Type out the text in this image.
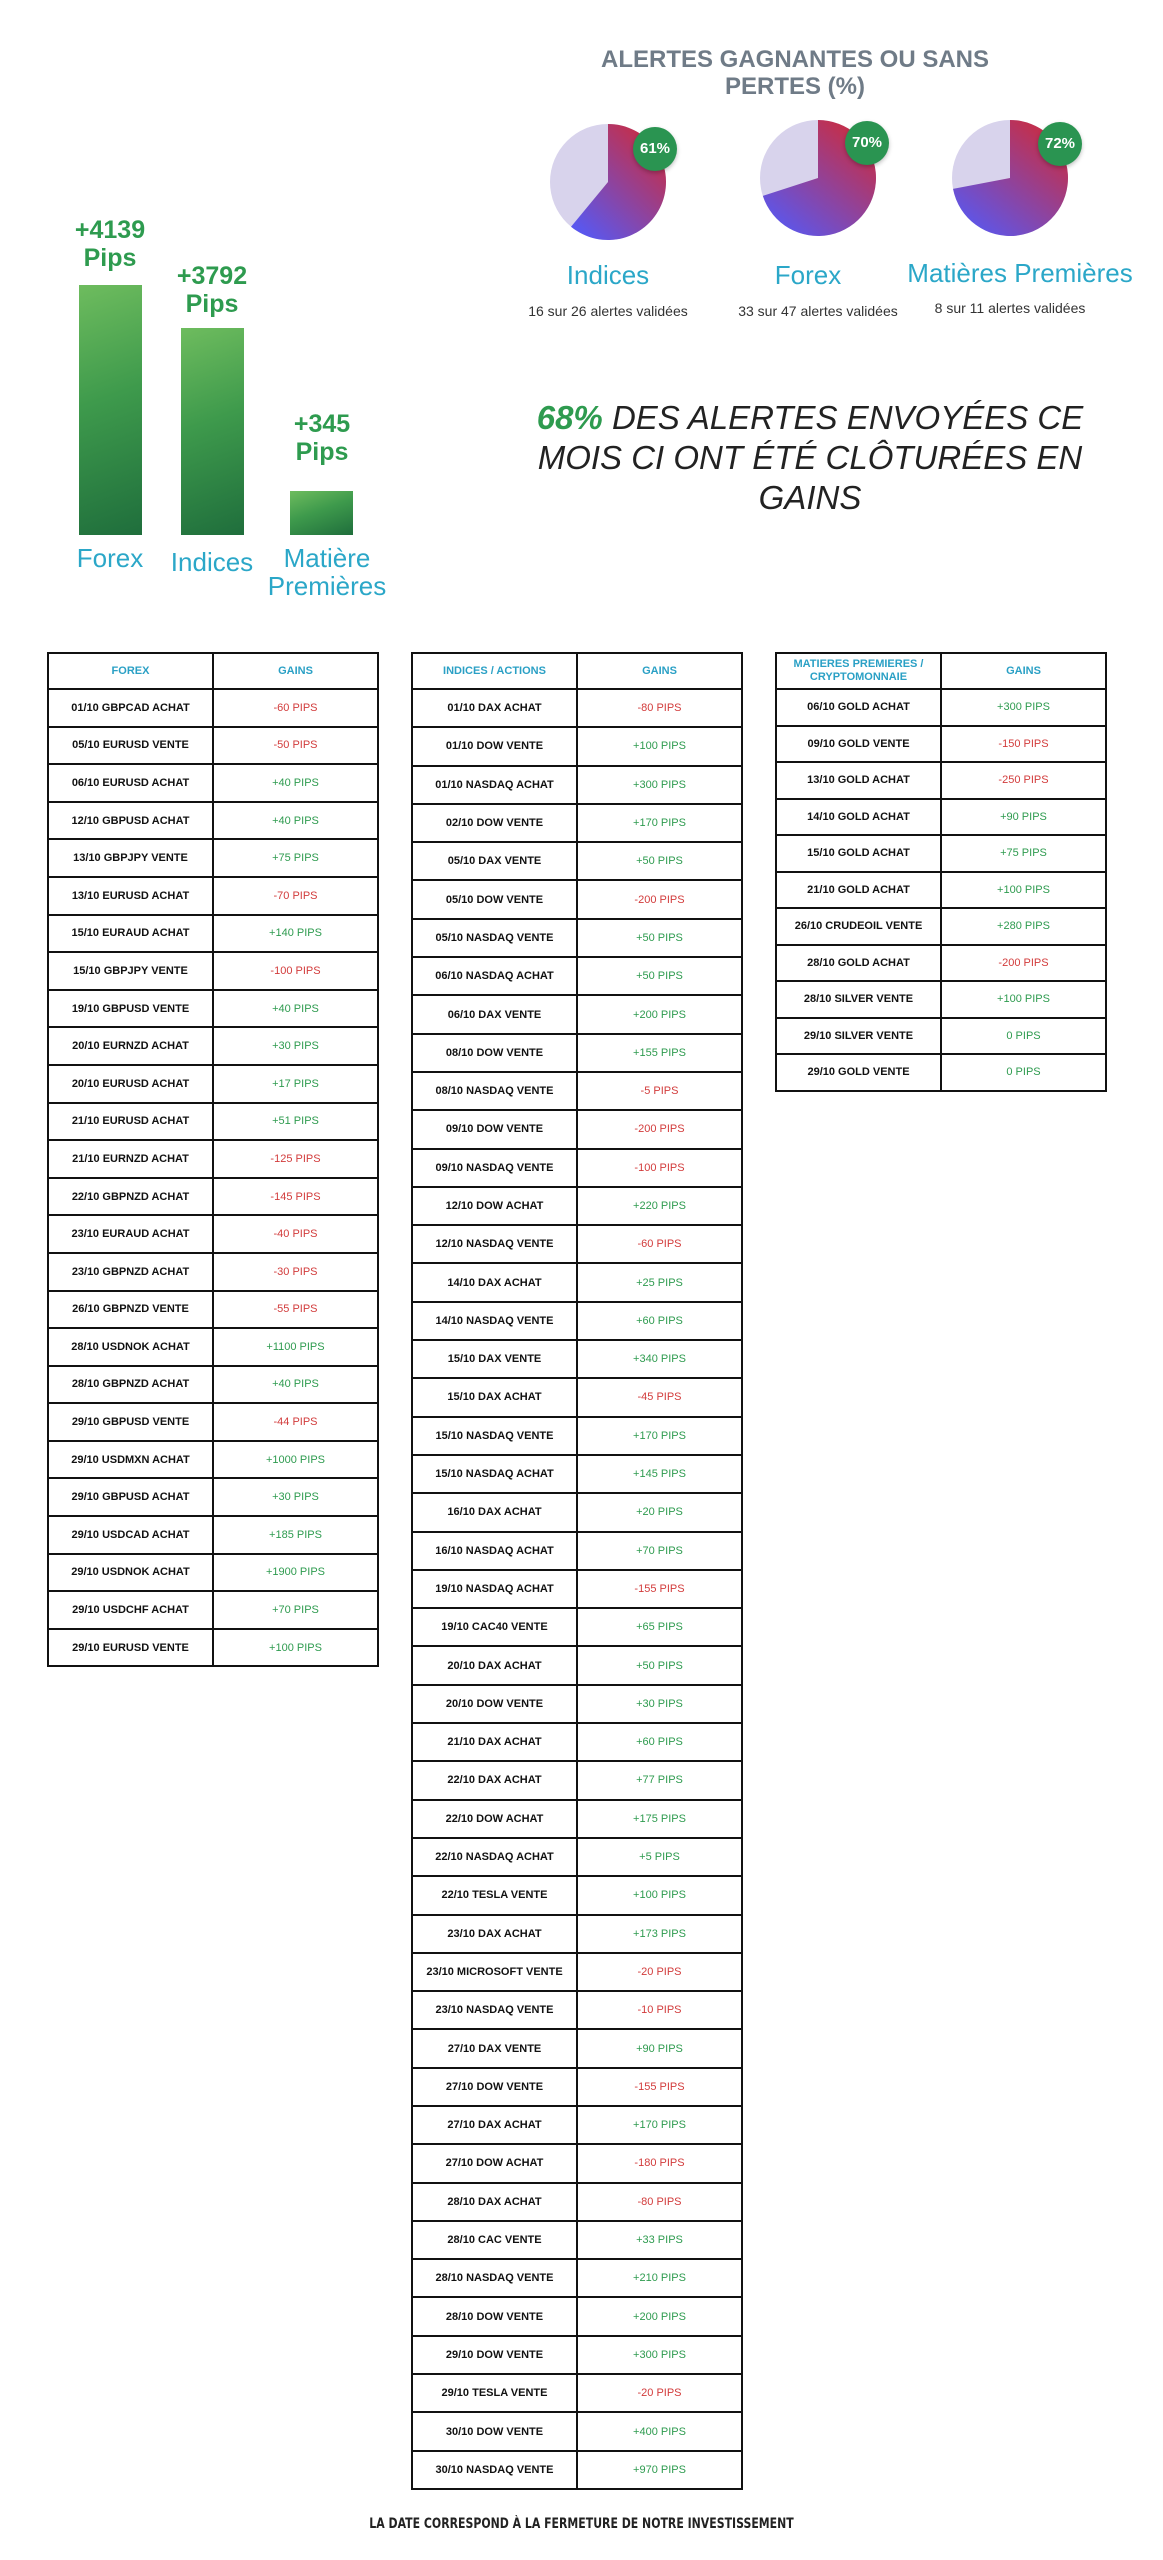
+4139
Pips
Forex
+3792
Pips
Indices
+345
Pips
Matière
Premières
ALERTES GAGNANTES OU SANS
PERTES (%)
61%	70%	72%
Indices
16 sur 26 alertes validées
Forex
33 sur 47 alertes validées
Matières Premières
8 sur 11 alertes validées
68% DES ALERTES ENVOYÉES CE MOIS CI ONT ÉTÉ CLÔTURÉES EN GAINS
FOREX	GAINS
01/10 GBPCAD ACHAT	-60 PIPS
05/10 EURUSD VENTE	-50 PIPS
06/10 EURUSD ACHAT	+40 PIPS
12/10 GBPUSD ACHAT	+40 PIPS
13/10 GBPJPY VENTE	+75 PIPS
13/10 EURUSD ACHAT	-70 PIPS
15/10 EURAUD ACHAT	+140 PIPS
15/10 GBPJPY VENTE	-100 PIPS
19/10 GBPUSD VENTE	+40 PIPS
20/10 EURNZD ACHAT	+30 PIPS
20/10 EURUSD ACHAT	+17 PIPS
21/10 EURUSD ACHAT	+51 PIPS
21/10 EURNZD ACHAT	-125 PIPS
22/10 GBPNZD ACHAT	-145 PIPS
23/10 EURAUD ACHAT	-40 PIPS
23/10 GBPNZD ACHAT	-30 PIPS
26/10 GBPNZD VENTE	-55 PIPS
28/10 USDNOK ACHAT	+1100 PIPS
28/10 GBPNZD ACHAT	+40 PIPS
29/10 GBPUSD VENTE	-44 PIPS
29/10 USDMXN ACHAT	+1000 PIPS
29/10 GBPUSD ACHAT	+30 PIPS
29/10 USDCAD ACHAT	+185 PIPS
29/10 USDNOK ACHAT	+1900 PIPS
29/10 USDCHF ACHAT	+70 PIPS
29/10 EURUSD VENTE	+100 PIPS
INDICES / ACTIONS	GAINS
01/10 DAX ACHAT	-80 PIPS
01/10 DOW VENTE	+100 PIPS
01/10 NASDAQ ACHAT	+300 PIPS
02/10 DOW VENTE	+170 PIPS
05/10 DAX VENTE	+50 PIPS
05/10 DOW VENTE	-200 PIPS
05/10 NASDAQ VENTE	+50 PIPS
06/10 NASDAQ ACHAT	+50 PIPS
06/10 DAX VENTE	+200 PIPS
08/10 DOW VENTE	+155 PIPS
08/10 NASDAQ VENTE	-5 PIPS
09/10 DOW VENTE	-200 PIPS
09/10 NASDAQ VENTE	-100 PIPS
12/10 DOW ACHAT	+220 PIPS
12/10 NASDAQ VENTE	-60 PIPS
14/10 DAX ACHAT	+25 PIPS
14/10 NASDAQ VENTE	+60 PIPS
15/10 DAX VENTE	+340 PIPS
15/10 DAX ACHAT	-45 PIPS
15/10 NASDAQ VENTE	+170 PIPS
15/10 NASDAQ ACHAT	+145 PIPS
16/10 DAX ACHAT	+20 PIPS
16/10 NASDAQ ACHAT	+70 PIPS
19/10 NASDAQ ACHAT	-155 PIPS
19/10 CAC40 VENTE	+65 PIPS
20/10 DAX ACHAT	+50 PIPS
20/10 DOW VENTE	+30 PIPS
21/10 DAX ACHAT	+60 PIPS
22/10 DAX ACHAT	+77 PIPS
22/10 DOW ACHAT	+175 PIPS
22/10 NASDAQ ACHAT	+5 PIPS
22/10 TESLA VENTE	+100 PIPS
23/10 DAX ACHAT	+173 PIPS
23/10 MICROSOFT VENTE	-20 PIPS
23/10 NASDAQ VENTE	-10 PIPS
27/10 DAX VENTE	+90 PIPS
27/10 DOW VENTE	-155 PIPS
27/10 DAX ACHAT	+170 PIPS
27/10 DOW ACHAT	-180 PIPS
28/10 DAX ACHAT	-80 PIPS
28/10 CAC VENTE	+33 PIPS
28/10 NASDAQ VENTE	+210 PIPS
28/10 DOW VENTE	+200 PIPS
29/10 DOW VENTE	+300 PIPS
29/10 TESLA VENTE	-20 PIPS
30/10 DOW VENTE	+400 PIPS
30/10 NASDAQ VENTE	+970 PIPS
MATIERES PREMIERES / CRYPTOMONNAIE	GAINS
06/10 GOLD ACHAT	+300 PIPS
09/10 GOLD VENTE	-150 PIPS
13/10 GOLD ACHAT	-250 PIPS
14/10 GOLD ACHAT	+90 PIPS
15/10 GOLD ACHAT	+75 PIPS
21/10 GOLD ACHAT	+100 PIPS
26/10 CRUDEOIL VENTE	+280 PIPS
28/10 GOLD ACHAT	-200 PIPS
28/10 SILVER VENTE	+100 PIPS
29/10 SILVER VENTE	0 PIPS
29/10 GOLD VENTE	0 PIPS
LA DATE CORRESPOND À LA FERMETURE DE NOTRE INVESTISSEMENT
